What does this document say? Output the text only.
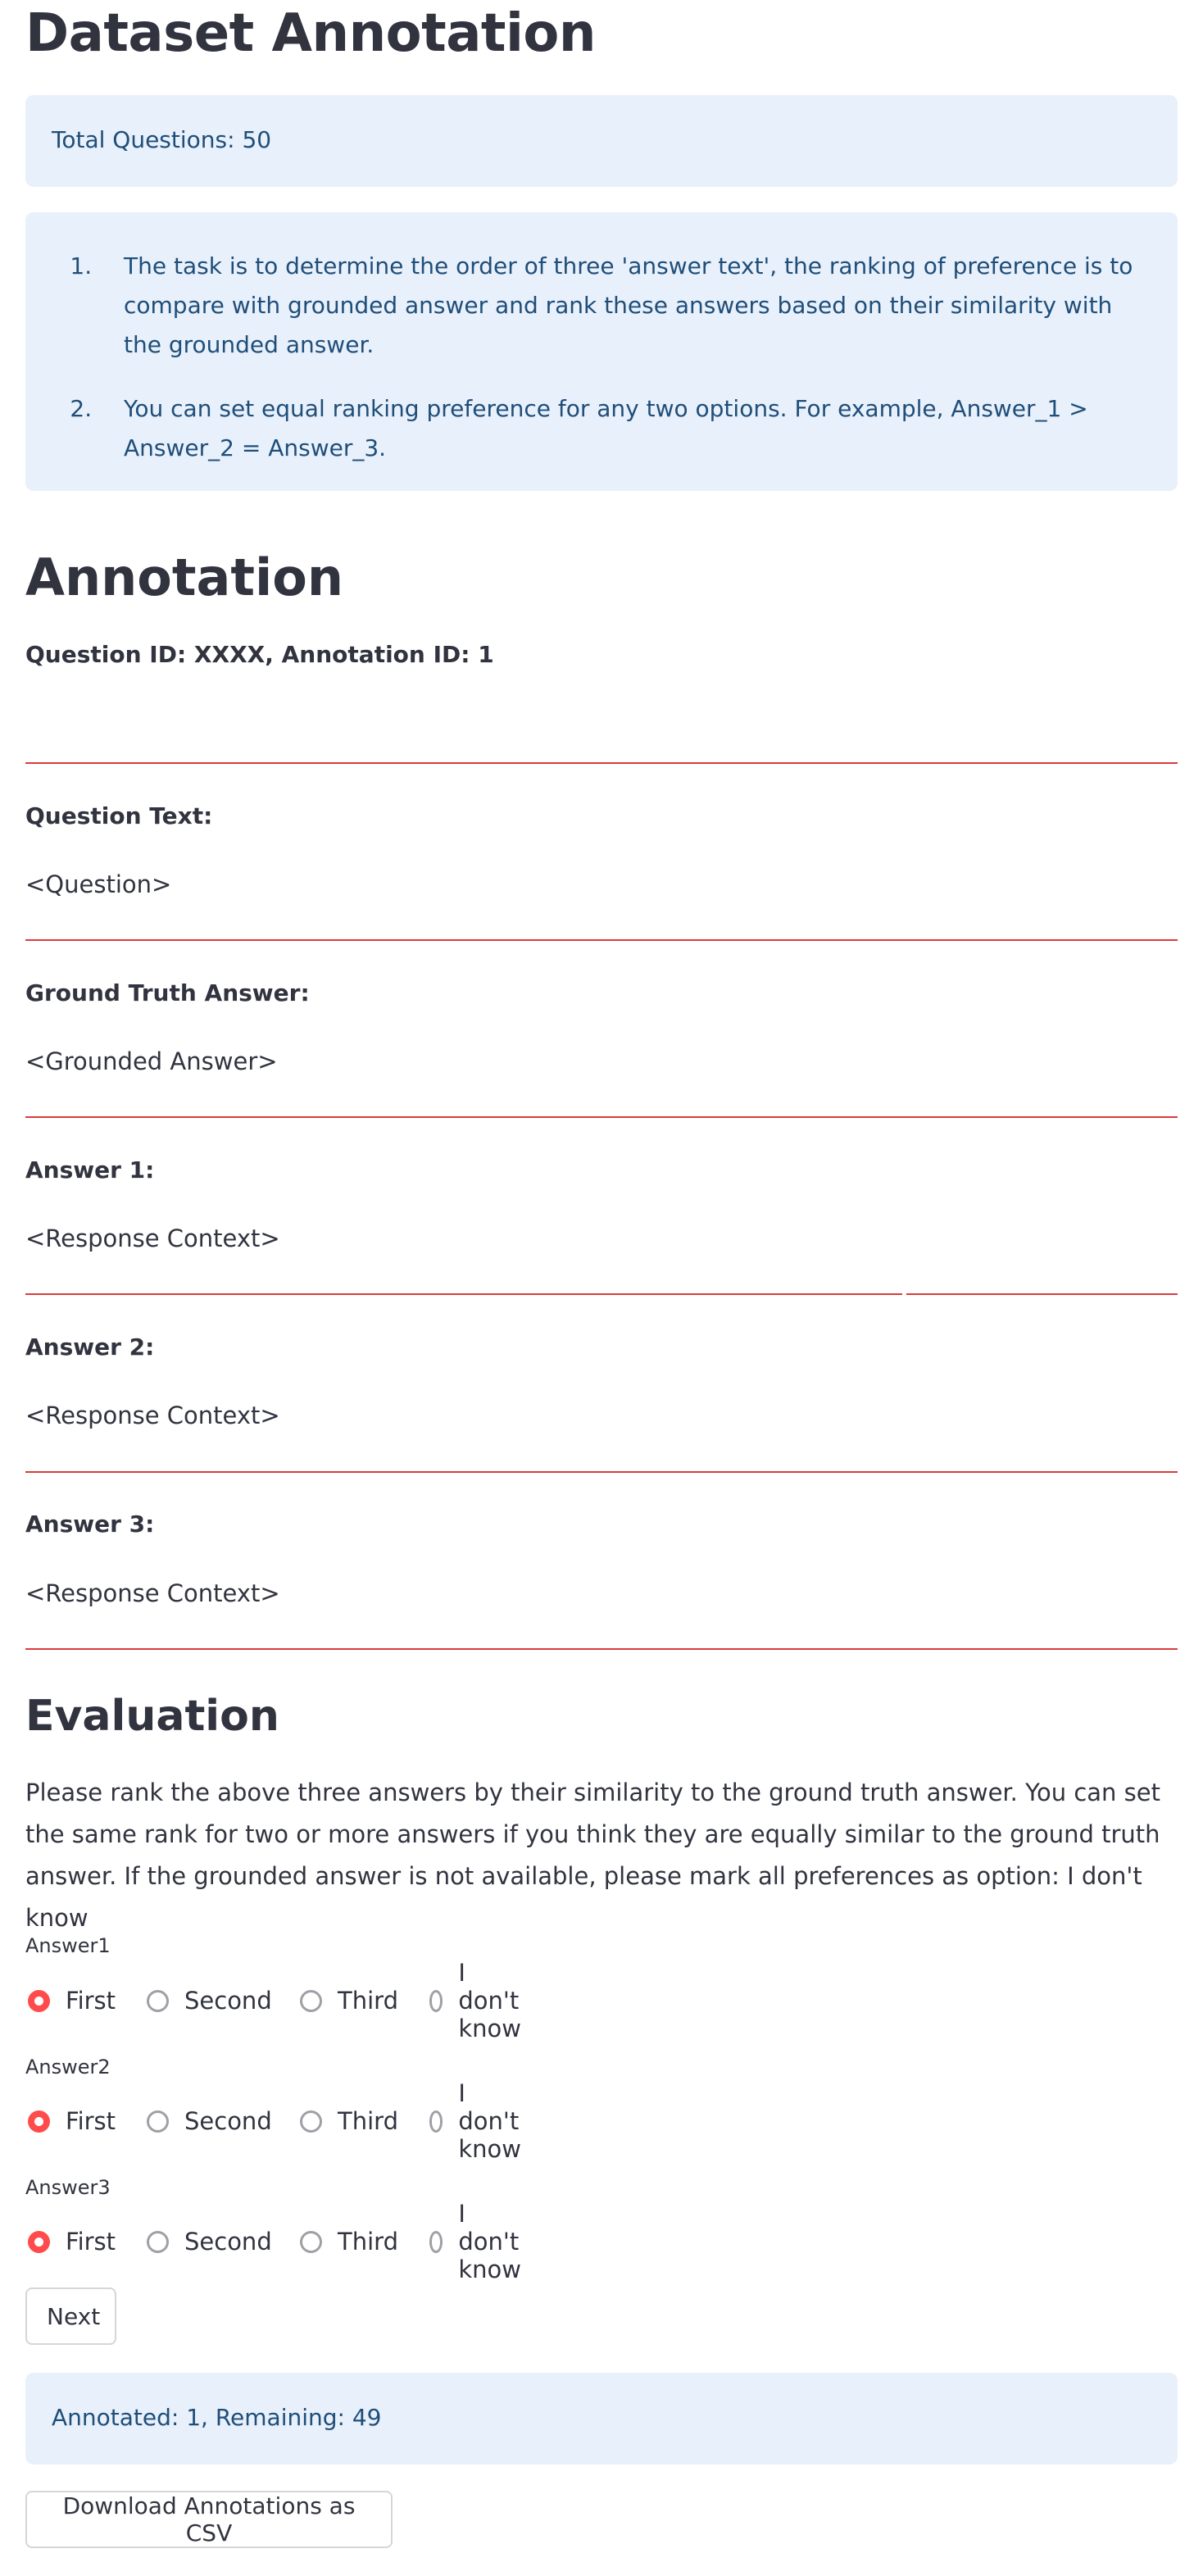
Dataset Annotation
Total Questions: 50
1. The task is to determine the order of three 'answer text', the ranking of preference is to compare with grounded answer and rank these answers based on their similarity with the grounded answer.
2. You can set equal ranking preference for any two options. For example, Answer_1 > Answer_2 = Answer_3.
Annotation
Question ID: XXXX, Annotation ID: 1
Question Text:
<Question>
Ground Truth Answer:
<Grounded Answer>
Answer 1:
<Response Context>
Answer 2:
<Response Context>
Answer 3:
<Response Context>
Evaluation
Please rank the above three answers by their similarity to the ground truth answer. You can set the same rank for two or more answers if you think they are equally similar to the ground truth answer. If the grounded answer is not available, please mark all preferences as option: I don't know
Answer1
First	Second	Third
I don't know
Answer2
First	Second	Third
I don't know
Answer3
First	Second	Third
I don't know
Next
Annotated: 1, Remaining: 49
Download Annotations as CSV
